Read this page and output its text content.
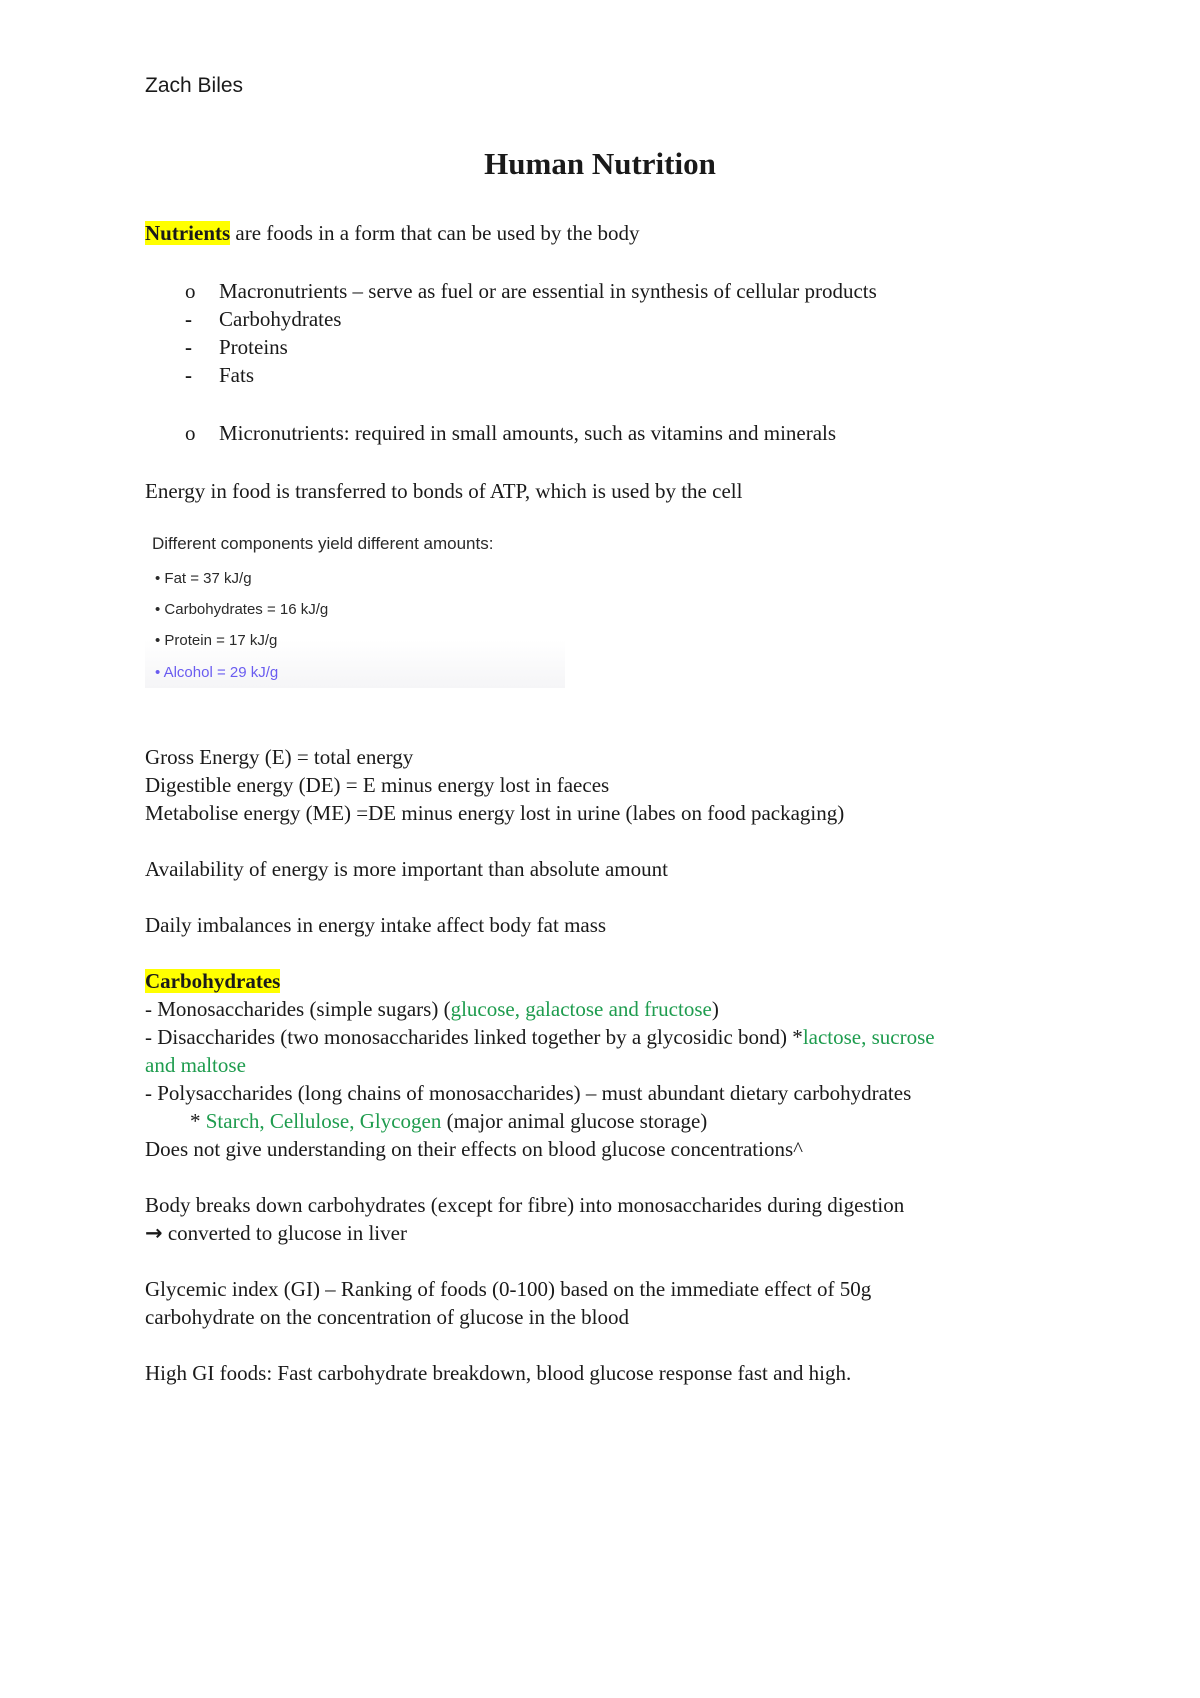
Zach Biles
Human Nutrition
Nutrients are foods in a form that can be used by the body
o Macronutrients – serve as fuel or are essential in synthesis of cellular products
- Carbohydrates
- Proteins
- Fats
o Micronutrients: required in small amounts, such as vitamins and minerals
Energy in food is transferred to bonds of ATP, which is used by the cell
Different components yield different amounts:
• Fat = 37 kJ/g
• Carbohydrates = 16 kJ/g
• Protein = 17 kJ/g
• Alcohol = 29 kJ/g
Gross Energy (E) = total energy
Digestible energy (DE) = E minus energy lost in faeces
Metabolise energy (ME) =DE minus energy lost in urine (labes on food packaging)
Availability of energy is more important than absolute amount
Daily imbalances in energy intake affect body fat mass
Carbohydrates
- Monosaccharides (simple sugars) (glucose, galactose and fructose)
- Disaccharides (two monosaccharides linked together by a glycosidic bond) *lactose, sucrose
and maltose
- Polysaccharides (long chains of monosaccharides) – must abundant dietary carbohydrates
* Starch, Cellulose, Glycogen (major animal glucose storage)
Does not give understanding on their effects on blood glucose concentrations^
Body breaks down carbohydrates (except for fibre) into monosaccharides during digestion
→ converted to glucose in liver
Glycemic index (GI) – Ranking of foods (0-100) based on the immediate effect of 50g
carbohydrate on the concentration of glucose in the blood
High GI foods: Fast carbohydrate breakdown, blood glucose response fast and high.
